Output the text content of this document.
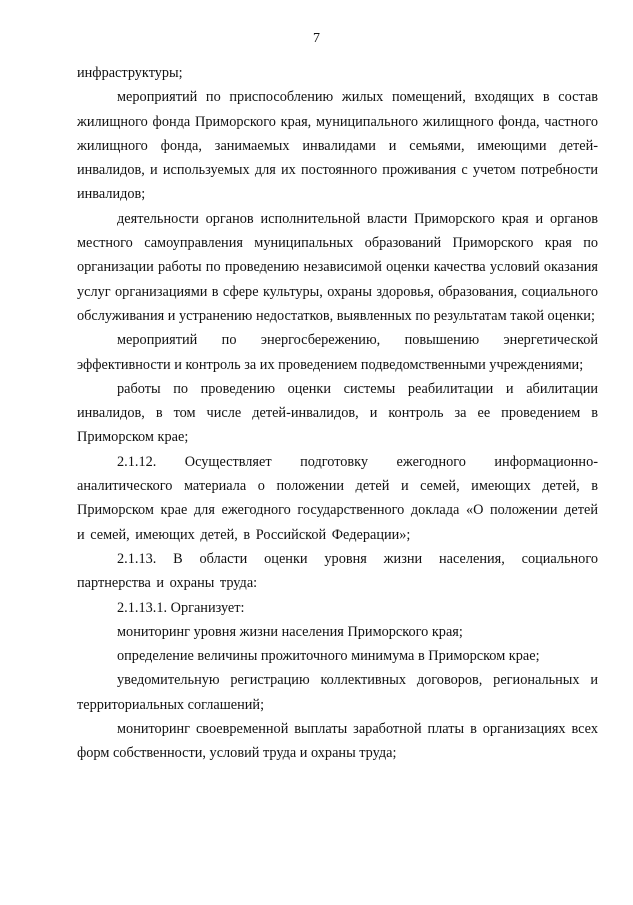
7

инфраструктуры;

мероприятий по приспособлению жилых помещений, входящих в состав жилищного фонда Приморского края, муниципального жилищного фонда, частного жилищного фонда, занимаемых инвалидами и семьями, имеющими детей-инвалидов, и используемых для их постоянного проживания с учетом потребности инвалидов;

деятельности органов исполнительной власти Приморского края и органов местного самоуправления муниципальных образований Приморского края по организации работы по проведению независимой оценки качества условий оказания услуг организациями в сфере культуры, охраны здоровья, образования, социального обслуживания и устранению недостатков, выявленных по результатам такой оценки;

мероприятий по энергосбережению, повышению энергетической эффективности и контроль за их проведением подведомственными учреждениями;

работы по проведению оценки системы реабилитации и абилитации инвалидов, в том числе детей-инвалидов, и контроль за ее проведением в Приморском крае;

2.1.12. Осуществляет подготовку ежегодного информационно-аналитического материала о положении детей и семей, имеющих детей, в Приморском крае для ежегодного государственного доклада «О положении детей и семей, имеющих детей, в Российской Федерации»;

2.1.13. В области оценки уровня жизни населения, социального партнерства и охраны труда:

2.1.13.1. Организует:

мониторинг уровня жизни населения Приморского края;

определение величины прожиточного минимума в Приморском крае;

уведомительную регистрацию коллективных договоров, региональных и территориальных соглашений;

мониторинг своевременной выплаты заработной платы в организациях всех форм собственности, условий труда и охраны труда;
